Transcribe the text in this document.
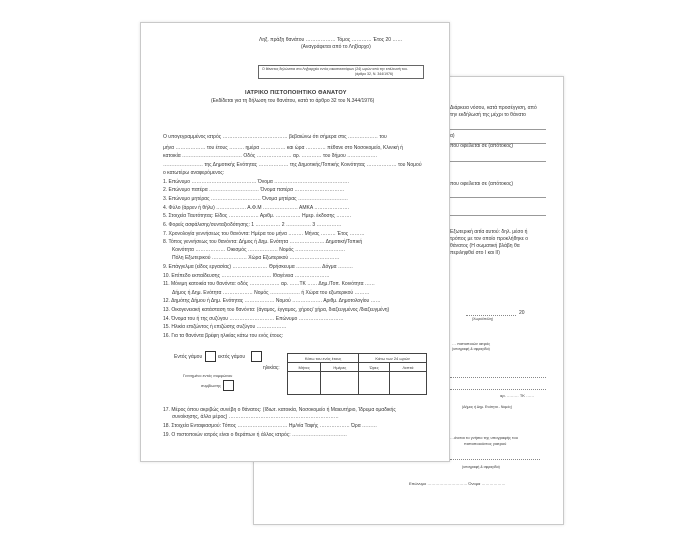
Διάρκεια νόσου, κατά προσέγγιση, από
την εκδήλωσή της μέχρι το θάνατο
α)
που οφείλεται σε (απότοκος)
που οφείλεται σε (απότοκος)
Εξωτερική αιτία αυτού: δηλ. μέσο ή
τρόπος με τον οποίο προκλήθηκε ο
θάνατος (Η σωματική βλάβη θα
περιληφθεί στο I και II)
20
(Χωριό/πόλη)
… πιστοποιών ιατρός
(υπογραφή & σφραγίδα)
αρ. ……… ΤΚ ……
(Δήμος ή Δημ. Ενότητα - Νομός)
…όνεται το γνήσιο της υπογραφής του
πιστοποιούντος γιατρού
(υπογραφή & σφραγίδα)
Επώνυμο ………………………… Όνομα ………………
Ληξ. πράξη θανάτου ……………… Τόμος ………… Έτος 20 ……
(Αναγράφεται από το Ληξίαρχο)
Ο θάνατος δηλώνεται στο Ληξιαρχείο εντός εικοσιτεσσάρων (24) ωρών από την επέλευσή του.
(άρθρο 32, Ν. 344/1976)
ΙΑΤΡΙΚΟ ΠΙΣΤΟΠΟΙΗΤΙΚΟ ΘΑΝΑΤΟΥ
(Εκδίδεται για τη δήλωση του θανάτου, κατά το άρθρο 32 του Ν.344/1976)
Ο υπογεγραμμένος ιατρός ………………………………… βεβαιώνω ότι σήμερα στις ……………… του
μήνα ……………… του έτους ……… ημέρα …………… και ώρα ………… πέθανε στο Νοσοκομείο, Κλινική ή
κατοικία ……………………………… Οδός ………………… αρ. ………… του δήμου ………………
…………………… της Δημοτικής Ενότητας ……………… της Δημοτικής/Τοπικής Κοινότητας ……………… του Νομού
ο κατωτέρω αναφερόμενος:
1. Επώνυμο ………………………………… Όνομα ………………………………………
2. Επώνυμο πατέρα ………………………… Όνομα πατέρα …………………………
3. Επώνυμο μητέρας ………………………… Όνομα μητέρας …………………………
4. Φύλο (άρρεν ή θήλυ) ……………… Α.Φ.Μ ………………… ΑΜΚΑ …………………
5. Στοιχεία Ταυτότητας: Είδος ……………… Αριθμ. …………… Ημερ. έκδοσης ………
6. Φορείς ασφάλισης/συνταξιοδότησης: 1 …………… 2 …………… 3 ……………
7. Χρονολογία γεννήσεως του θανόντα: Ημέρα του μήνα ……… Μήνας ……… Έτος ………
8. Τόπος γεννήσεως του θανόντα: Δήμος ή Δημ. Ενότητα ………………… Δημοτική/Τοπική
Κοινότητα ……………… Οικισμός ……………… Νομός …………………………
Πόλη Εξωτερικού ………………… Χώρα Εξωτερικού …………………………
9. Επάγγελμα (είδος εργασίας) ………………… Θρήσκευμα …………… Δόγμα ………
10. Επίπεδο εκπαίδευσης ………………………… Ιθαγένεια …………………
11. Μόνιμη κατοικία του θανόντα: οδός ……………… αρ. ……ΤΚ …… Δημ./Τοπ. Κοινότητα ……
Δήμος ή Δημ. Ενότητα ……………… Νομός ……………… ή Χώρα του εξωτερικού ………
12. Δημότης Δήμου ή Δημ. Ενότητας ……………… Νομού ……………… Αριθμ. Δημοτολογίου ……
13. Οικογενειακή κατάσταση του θανόντα: (άγαμος, έγγαμος, χήρος/ χήρα, διαζευγμένος /διαζευγμένη)
14. Όνομα του ή της συζύγου ……………………… Επώνυμο ………………………
15. Ηλικία επιζώντος ή επιζώσης συζύγου ………………
16. Για τα θανόντα βρέφη ηλικίας κάτω του ενός έτους:
Εντός γάμου	εκτός γάμου
ηλικίας:
Γεννημένο εντός συμφώνου
συμβίωσης
Κάτω του ενός έτους		Κάτω των 24 ωρών	
Μήνες	Ημέρες	Ώρες	Λεπτά

17. Μέρος όπου ακριβώς συνέβη ο θάνατος: (Ιδιωτ. κατοικία, Νοσοκομείο ή Μαιευτήριο, Ίδρυμα ομαδικής
συνοίκησης, άλλο μέρος) …………………………………………………………
18. Στοιχεία Ενταφιασμού: Τόπος ………………………… Ημ/νία Ταφής ……………… Ώρα ………
19. Ο πιστοποιών ιατρός είναι ο θεράπων ή άλλος ιατρός: ……………………………
